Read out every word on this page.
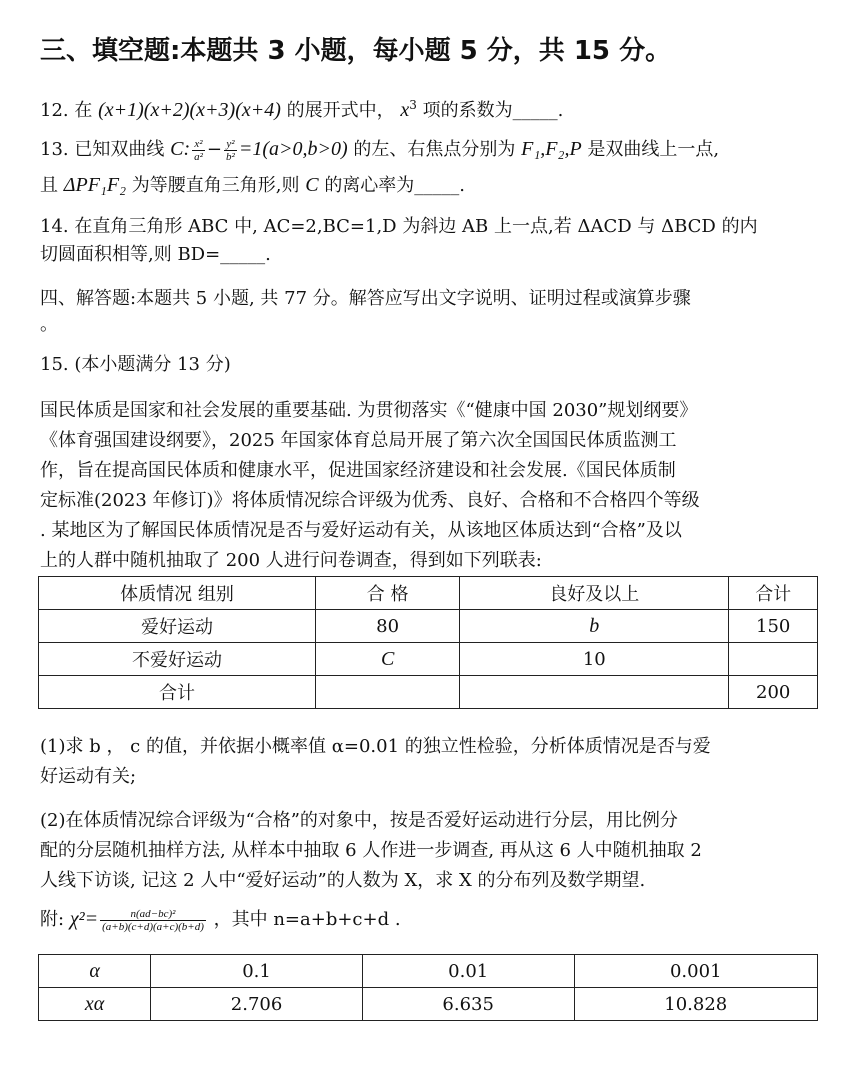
三、填空题:本题共 3 小题，每小题 5 分，共 15 分。
12. 在 (x+1)(x+2)(x+3)(x+4) 的展开式中， $x^3$ 项的系数为_____.
13. 已知双曲线 C: $\frac{\text{x²}}{\text{a²}} - \frac{\text{y²}}{\text{b²}} =1(a>0,b>0)$ 的左、右焦点分别为 F₁,F₂,P 是双曲线上一点,
且 ΔPF₁F₂ 为等腰直角三角形,则 C 的离心率为_____.
14. 在直角三角形 ABC 中, AC=2,BC=1,D 为斜边 AB 上一点,若 ΔACD 与 ΔBCD 的内
切圆面积相等,则 BD=_____.
四、解答题:本题共 5 小题, 共 77 分。解答应写出文字说明、证明过程或演算步骤
。
15. (本小题满分 13 分)
国民体质是国家和社会发展的重要基础. 为贯彻落实《“健康中国 2030”规划纲要》
《体育强国建设纲要》，2025 年国家体育总局开展了第六次全国国民体质监测工
作，旨在提高国民体质和健康水平，促进国家经济建设和社会发展.《国民体质制
定标准(2023 年修订)》将体质情况综合评级为优秀、良好、合格和不合格四个等级
. 某地区为了解国民体质情况是否与爱好运动有关，从该地区体质达到“合格”及以
上的人群中随机抽取了 200 人进行问卷调查，得到如下列联表:
体质情况 组别	合 格	良好及以上	合计
爱好运动	80	b	150
不爱好运动	C	10	
合计			200
(1)求 b ， c 的值，并依据小概率值 α=0.01 的独立性检验，分析体质情况是否与爱
好运动有关;
(2)在体质情况综合评级为“合格”的对象中，按是否爱好运动进行分层，用比例分
配的分层随机抽样方法, 从样本中抽取 6 人作进一步调查, 再从这 6 人中随机抽取 2
人线下访谈, 记这 2 人中“爱好运动”的人数为 X，求 X 的分布列及数学期望.
附: $\chi^2= \frac{\text{n(ad−bc)²}}{(a+b)(c+d)(a+c)(b+d)}$ ，其中 n=a+b+c+d .
α	0.1	0.01	0.001
xα	2.706	6.635	10.828
